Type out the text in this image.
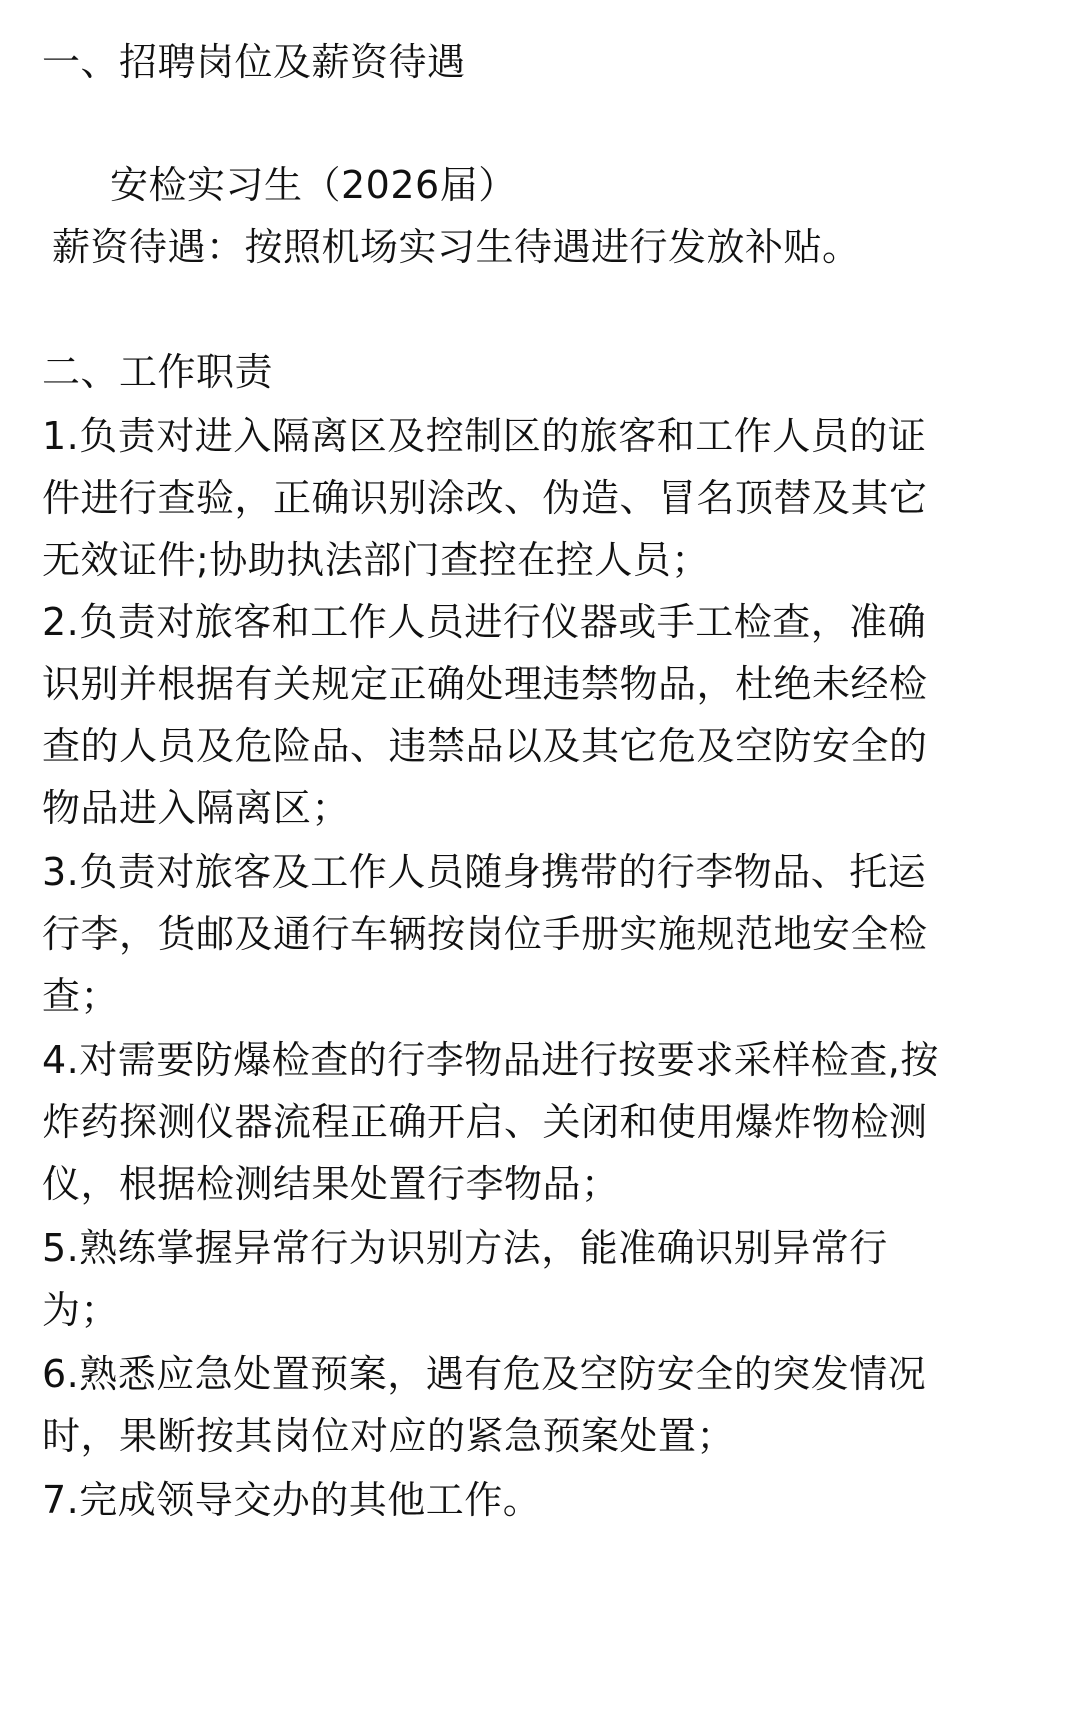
一、招聘岗位及薪资待遇
安检实习生（2026届）
薪资待遇：按照机场实习生待遇进行发放补贴。
二、工作职责
1.负责对进入隔离区及控制区的旅客和工作人员的证
件进行查验，正确识别涂改、伪造、冒名顶替及其它
无效证件;协助执法部门查控在控人员；
2.负责对旅客和工作人员进行仪器或手工检查，准确
识别并根据有关规定正确处理违禁物品，杜绝未经检
查的人员及危险品、违禁品以及其它危及空防安全的
物品进入隔离区；
3.负责对旅客及工作人员随身携带的行李物品、托运
行李，货邮及通行车辆按岗位手册实施规范地安全检
查；
4.对需要防爆检查的行李物品进行按要求采样检查,按
炸药探测仪器流程正确开启、关闭和使用爆炸物检测
仪，根据检测结果处置行李物品；
5.熟练掌握异常行为识别方法，能准确识别异常行
为；
6.熟悉应急处置预案，遇有危及空防安全的突发情况
时，果断按其岗位对应的紧急预案处置；
7.完成领导交办的其他工作。
